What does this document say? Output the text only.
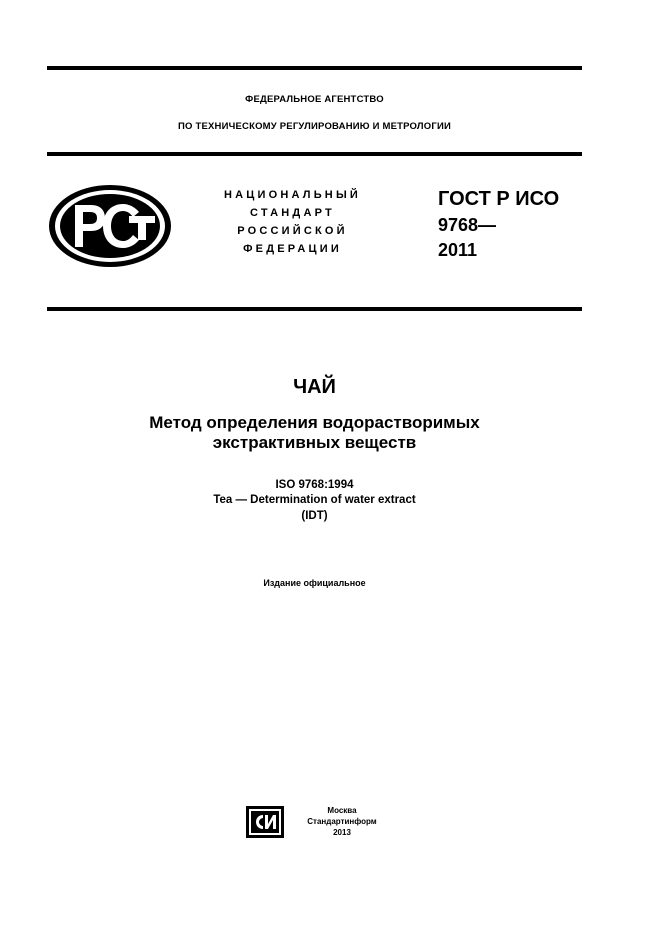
ФЕДЕРАЛЬНОЕ АГЕНТСТВО
ПО ТЕХНИЧЕСКОМУ РЕГУЛИРОВАНИЮ И МЕТРОЛОГИИ
НАЦИОНАЛЬНЫЙ
СТАНДАРТ
РОССИЙСКОЙ
ФЕДЕРАЦИИ
ГОСТ Р ИСО
9768—
2011
ЧАЙ
Метод определения водорастворимых
экстрактивных веществ
ISO 9768:1994
Tea — Determination of water extract
(IDT)
Издание официальное
Москва
Стандартинформ
2013
